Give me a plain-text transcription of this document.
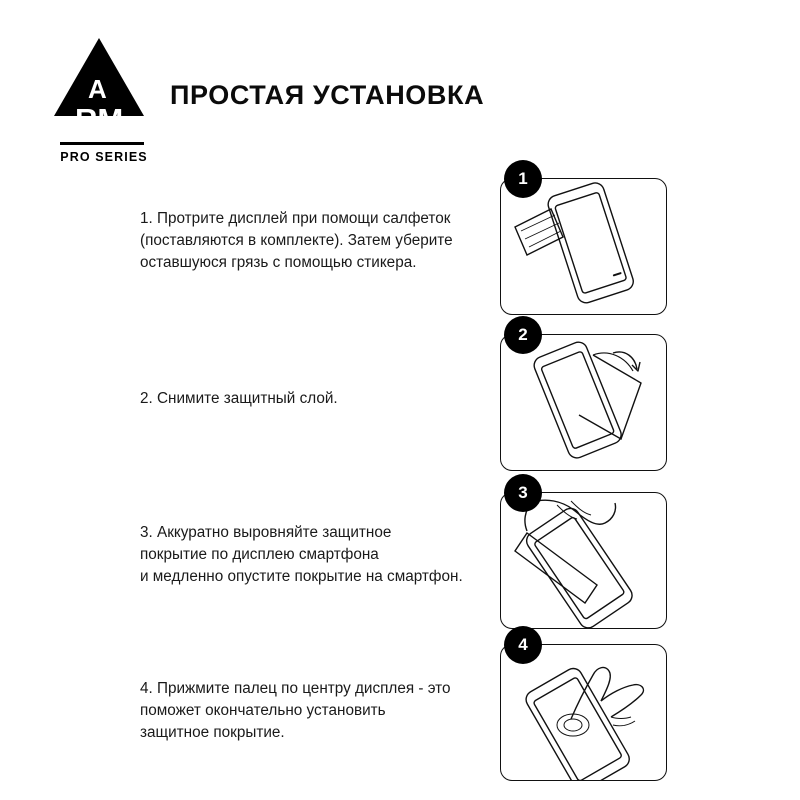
A
RM
PRO SERIES
ПРОСТАЯ УСТАНОВКА
1. Протрите дисплей при помощи салфеток
(поставляются в комплекте). Затем уберите
оставшуюся грязь с помощью стикера.
1
2. Снимите защитный слой.
2
3. Аккуратно выровняйте защитное
покрытие по дисплею смартфона
и медленно опустите покрытие на смартфон.
3
4. Прижмите палец по центру дисплея - это
поможет окончательно установить
защитное покрытие.
4
